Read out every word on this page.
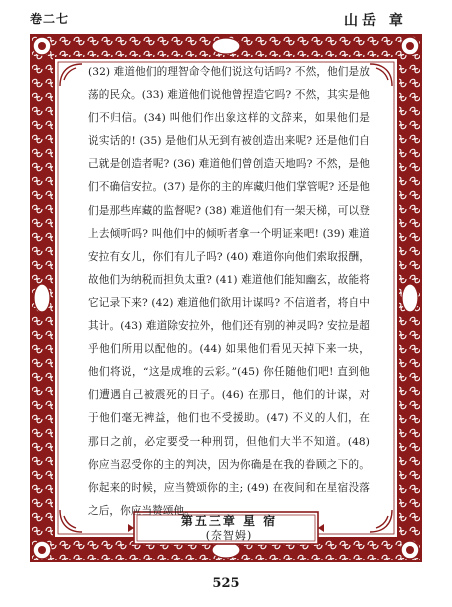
卷二七	山岳 章

(32) 难道他们的理智命令他们说这句话吗? 不然，他们是放荡的民众。(33) 难道他们说他曾捏造它吗? 不然，其实是他们不归信。(34) 叫他们作出象这样的文辞来，如果他们是说实话的! (35) 是他们从无到有被创造出来呢? 还是他们自己就是创造者呢? (36) 难道他们曾创造天地吗? 不然，是他们不确信安拉。(37) 是你的主的库藏归他们掌管呢? 还是他们是那些库藏的监督呢? (38) 难道他们有一架天梯，可以登上去倾听吗? 叫他们中的倾听者拿一个明证来吧! (39) 难道安拉有女儿，你们有儿子吗? (40) 难道你向他们索取报酬，故他们为纳税而担负太重? (41) 难道他们能知幽玄，故能将它记录下来? (42) 难道他们欲用计谋吗? 不信道者，将自中其计。(43) 难道除安拉外，他们还有别的神灵吗? 安拉是超乎他们所用以配他的。(44) 如果他们看见天掉下来一块，他们将说，“这是成堆的云彩。”(45) 你任随他们吧! 直到他们遭遇自己被震死的日子。(46) 在那日，他们的计谋，对于他们毫无裨益，他们也不受援助。(47) 不义的人们，在那日之前，必定要受一种刑罚，但他们大半不知道。(48) 你应当忍受你的主的判决，因为你确是在我的眷顾之下的。你起来的时候，应当赞颂你的主; (49) 在夜间和在星宿没落之后，你应当赞颂他。

第五三章 星 宿
(奈智姆)
525
